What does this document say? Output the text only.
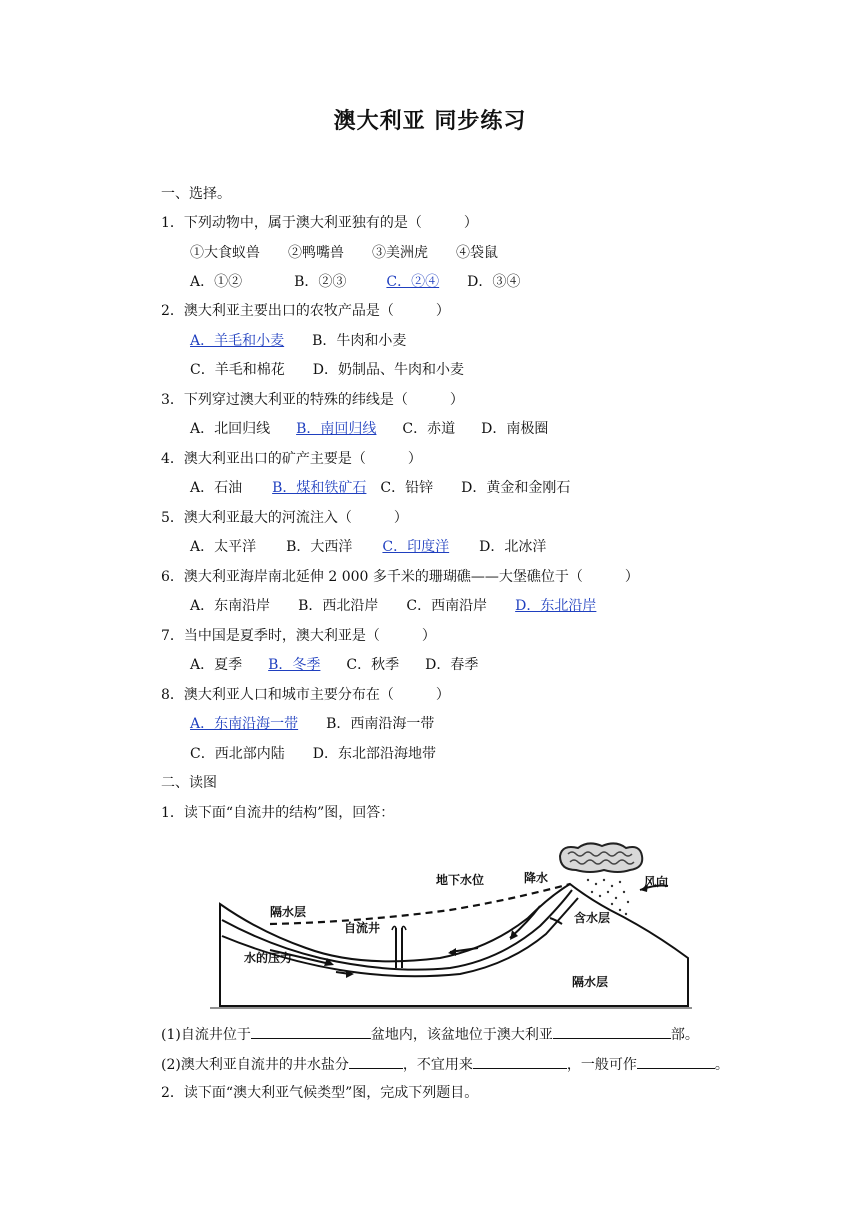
澳大利亚 同步练习
一、选择。
1．下列动物中，属于澳大利亚独有的是（　　　）
①大食蚁兽 ②鸭嘴兽 ③美洲虎 ④袋鼠
A．①②	B．②③	C．②④ D．③④
2．澳大利亚主要出口的农牧产品是（　　　）
A．羊毛和小麦 B．牛肉和小麦
C．羊毛和棉花 D．奶制品、牛肉和小麦
3．下列穿过澳大利亚的特殊的纬线是（　　　）
A．北回归线 B．南回归线 C．赤道 D．南极圈
4．澳大利亚出口的矿产主要是（　　　）
A．石油 B．煤和铁矿石 C．铅锌 D．黄金和金刚石
5．澳大利亚最大的河流注入（　　　）
A．太平洋 B．大西洋 C．印度洋 D．北冰洋
6．澳大利亚海岸南北延伸 2 000 多千米的珊瑚礁——大堡礁位于（　　　）
A．东南沿岸 B．西北沿岸 C．西南沿岸 D．东北沿岸
7．当中国是夏季时，澳大利亚是（　　　）
A．夏季 B．冬季 C．秋季 D．春季
8．澳大利亚人口和城市主要分布在（　　　）
A．东南沿海一带 B．西南沿海一带
C．西北部内陆 D．东北部沿海地带
二、读图
1．读下面“自流井的结构”图，回答：
地下水位	降水	风向
隔水层	含水层
自流井
水的压力
隔水层
(1)自流井位于	盆地内，该盆地位于澳大利亚	部。
(2)澳大利亚自流井的井水盐分	，不宜用来	，一般可作	。
2．读下面“澳大利亚气候类型”图，完成下列题目。
